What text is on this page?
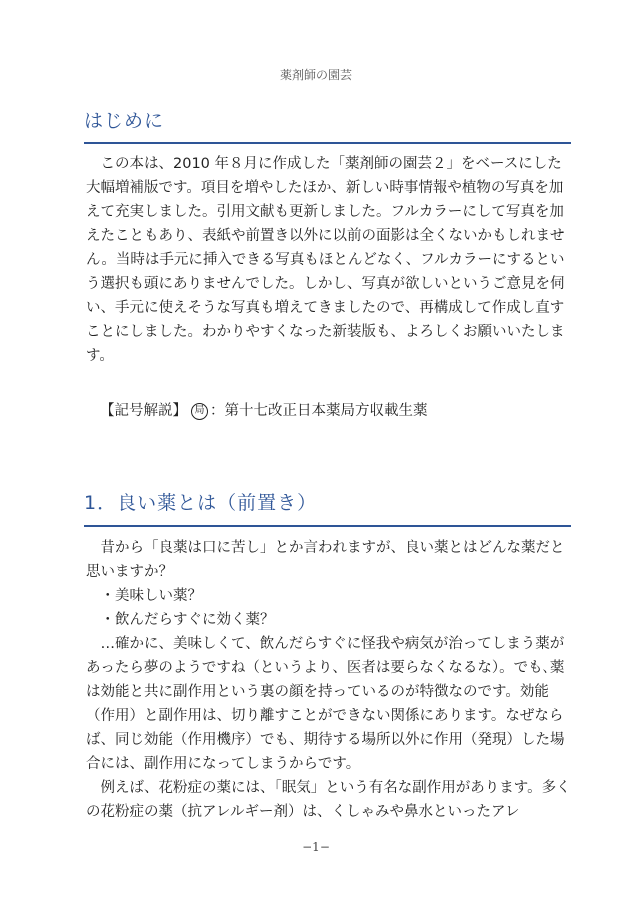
薬剤師の園芸
はじめに

この本は、2010 年８月に作成した「薬剤師の園芸２」をベースにした大幅増補版です。項目を増やしたほか、新しい時事情報や植物の写真を加えて充実しました。引用文献も更新しました。フルカラーにして写真を加えたこともあり、表紙や前置き以外に以前の面影は全くないかもしれません。当時は手元に挿入できる写真もほとんどなく、フルカラーにするという選択も頭にありませんでした。しかし、写真が欲しいというご意見を伺い、手元に使えそうな写真も増えてきましたので、再構成して作成し直すことにしました。わかりやすくなった新装版も、よろしくお願いいたします。

【記号解説】 局 ：第十七改正日本薬局方収載生薬
1．良い薬とは（前置き）

昔から「良薬は口に苦し」とか言われますが、良い薬とはどんな薬だと思いますか？

・美味しい薬？

・飲んだらすぐに効く薬？

…確かに、美味しくて、飲んだらすぐに怪我や病気が治ってしまう薬があったら夢のようですね（というより、医者は要らなくなるな）。でも､薬は効能と共に副作用という裏の顔を持っているのが特徴なのです。効能（作用）と副作用は、切り離すことができない関係にあります。なぜならば、同じ効能（作用機序）でも、期待する場所以外に作用（発現）した場合には、副作用になってしまうからです。

例えば、花粉症の薬には、「眠気」という有名な副作用があります。多くの花粉症の薬（抗アレルギー剤）は、くしゃみや鼻水といったアレ

−1−
